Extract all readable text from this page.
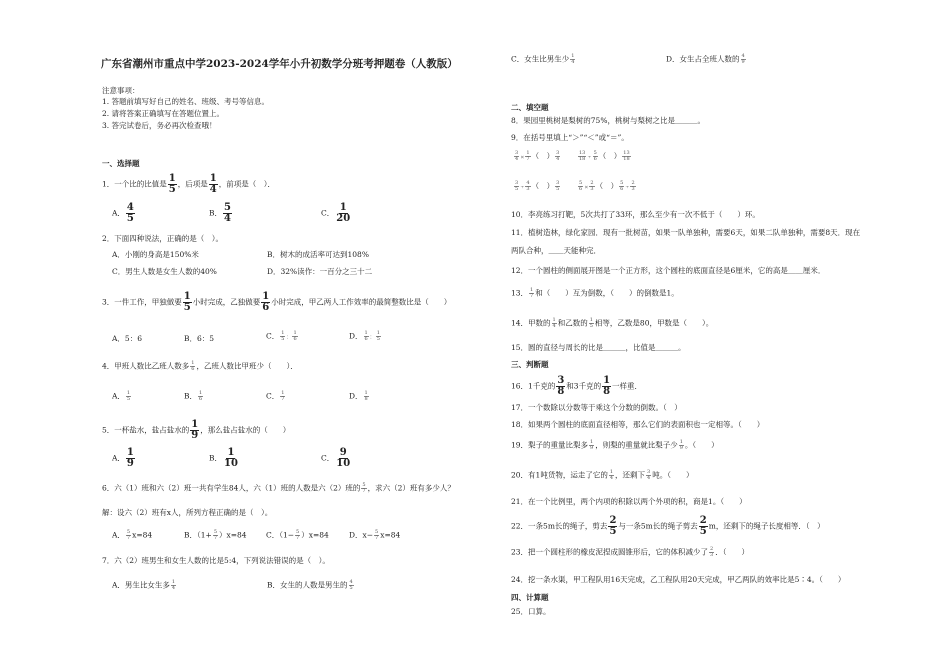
广东省潮州市重点中学2023-2024学年小升初数学分班考押题卷（人教版）
注意事项：
1. 答题前填写好自己的姓名、班级、考号等信息。
2. 请将答案正确填写在答题位置上。
3. 答完试卷后，务必再次检查哦！
一、选择题
1．一个比的比值是 $\frac{1}{5}$ ，后项是 $\frac{1}{4}$ ，前项是（　）．
A． $\frac{4}{5}$	B． $\frac{5}{4}$	C． $\frac{1}{20}$
2．下面四种说法，正确的是（　）。
A．小刚的身高是150%米	B．树木的成活率可达到108%
C．男生人数是女生人数的40%	D．32%读作：一百分之三十二
3．一件工作，甲独做要 $\frac{1}{5}$ 小时完成，乙独做要 $\frac{1}{6}$ 小时完成，甲乙两人工作效率的最简整数比是（　　）
A．5：6	B．6：5	C． $\frac{1}{5}$ ： $\frac{1}{6}$	D． $\frac{1}{6}$ ： $\frac{1}{5}$
4．甲班人数比乙班人数多 $\frac{1}{6}$ ，乙班人数比甲班少（　　）．
A． $\frac{1}{5}$	B． $\frac{1}{6}$	C． $\frac{1}{7}$	D． $\frac{1}{8}$
5．一杯盐水，盐占盐水的 $\frac{1}{9}$ ，那么盐占盐水的（　　）
A． $\frac{1}{9}$	B． $\frac{1}{10}$	C． $\frac{9}{10}$
6．六（1）班和六（2）班一共有学生84人，六（1）班的人数是六（2）班的 $\frac{5}{7}$ ，求六（2）班有多少人？
解：设六（2）班有x人，所列方程正确的是（　）。
A． $\frac{5}{7} x=84$	B．$(1+ \frac{5}{7} )x=84$	C．$(1- \frac{5}{7} )x=84$	D．$x- \frac{5}{7} x=84$
7．六（2）班男生和女生人数的比是5:4，下列说法错误的是（　）。
A．男生比女生多 $\frac{1}{4}$	B．女生的人数是男生的 $\frac{4}{5}$
C．女生比男生少 $\frac{1}{4}$	D．女生占全班人数的 $\frac{4}{9}$
二、填空题
8．果园里桃树是梨树的75%，桃树与梨树之比是＿＿＿。
9．在括号里填上“＞”“＜”或“＝”。
$\frac{3}{4} \times \frac{1}{7}$ （　） $\frac{3}{4}$	$\frac{13}{18} \div \frac{5}{6}$ （　） $\frac{13}{18}$
$\frac{3}{5} \div \frac{4}{3}$ （　） $\frac{3}{5}$	$\frac{5}{6} \times \frac{2}{3}$ （　） $\frac{5}{6} \div \frac{2}{3}$
10．李亮练习打靶，5次共打了33环，那么至少有一次不低于（　　）环。
11．植树造林，绿化家园．现有一批树苗，如果一队单独种，需要6天，如果二队单独种，需要8天．现在
两队合种，＿＿天能种完．
12．一个圆柱的侧面展开图是一个正方形，这个圆柱的底面直径是6厘米，它的高是＿＿厘米．
13． $\frac{1}{7}$ 和（　　）互为倒数，（　　）的倒数是1。
14．甲数的 $\frac{1}{4}$ 和乙数的 $\frac{1}{5}$ 相等，乙数是80，甲数是（　　）。
15．圆的直径与周长的比是＿＿＿，比值是＿＿＿。
三、判断题
16．1千克的 $\frac{3}{8}$ 和3千克的 $\frac{1}{8}$ 一样重．
17．一个数除以分数等于乘这个分数的倒数。（　）
18．如果两个圆柱的底面直径相等，那么它们的表面积也一定相等。（　　）
19．梨子的重量比梨多 $\frac{1}{9}$ ，则梨的重量就比梨子少 $\frac{1}{9}$ 。（　　）
20．有1吨货物，运走了它的 $\frac{1}{4}$ ，还剩下 $\frac{3}{4}$ 吨。（　　）
21．在一个比例里，两个内项的积除以两个外项的积，商是1。（　　）
22．一条5m长的绳子，剪去 $\frac{2}{5}$ 与一条5m长的绳子剪去 $\frac{2}{5}$ m，还剩下的绳子长度相等．（　）
23．把一个圆柱形的橡皮泥捏成圆锥形后，它的体积减少了 $\frac{2}{3}$ ．（　　）
24．挖一条水渠，甲工程队用16天完成，乙工程队用20天完成，甲乙两队的效率比是5∶4。（　　）
四、计算题
25．口算。
